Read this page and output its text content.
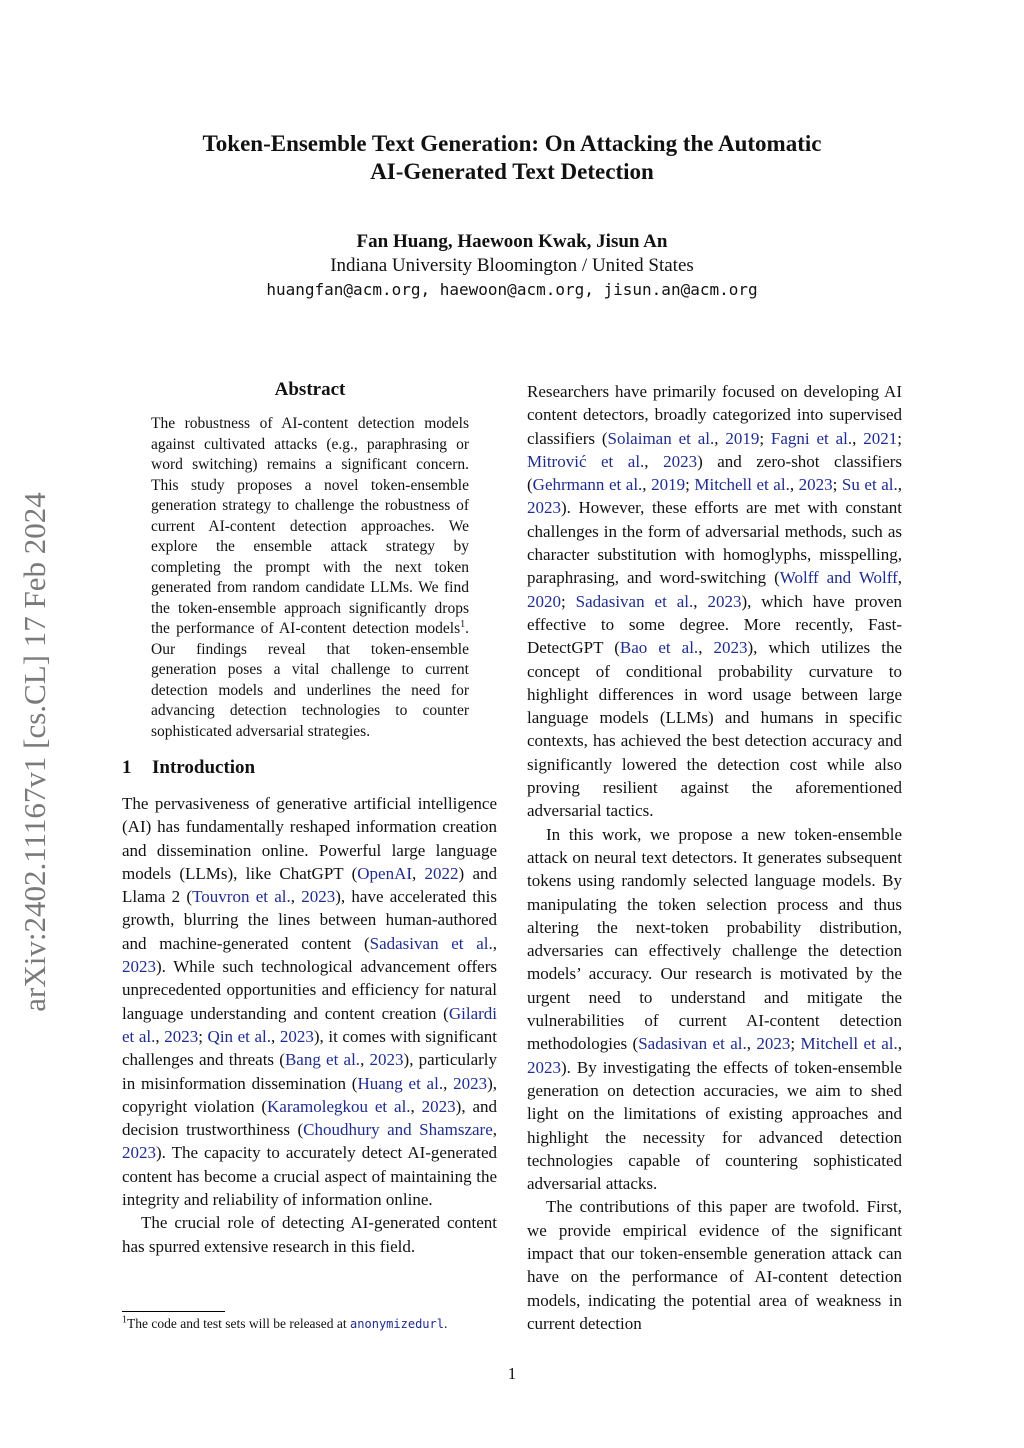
Token-Ensemble Text Generation: On Attacking the Automatic
AI-Generated Text Detection
Fan Huang, Haewoon Kwak, Jisun An
Indiana University Bloomington / United States
huangfan@acm.org, haewoon@acm.org, jisun.an@acm.org
arXiv:2402.11167v1 [cs.CL] 17 Feb 2024
Abstract
The robustness of AI-content detection models against cultivated attacks (e.g., paraphrasing or word switching) remains a significant concern. This study proposes a novel token-ensemble generation strategy to challenge the robustness of current AI-content detection approaches. We explore the ensemble attack strategy by completing the prompt with the next token generated from random candidate LLMs. We find the token-ensemble approach significantly drops the performance of AI-content detection models$^1$. Our findings reveal that token-ensemble generation poses a vital challenge to current detection models and underlines the need for advancing detection technologies to counter sophisticated adversarial strategies.
1 Introduction

The pervasiveness of generative artificial intelligence (AI) has fundamentally reshaped information creation and dissemination online. Powerful large language models (LLMs), like ChatGPT (OpenAI, 2022) and Llama 2 (Touvron et al., 2023), have accelerated this growth, blurring the lines between human-authored and machine-generated content (Sadasivan et al., 2023). While such technological advancement offers unprecedented opportunities and efficiency for natural language understanding and content creation (Gilardi et al., 2023; Qin et al., 2023), it comes with significant challenges and threats (Bang et al., 2023), particularly in misinformation dissemination (Huang et al., 2023), copyright violation (Karamolegkou et al., 2023), and decision trustworthiness (Choudhury and Shamszare, 2023). The capacity to accurately detect AI-generated content has become a crucial aspect of maintaining the integrity and reliability of information online.

The crucial role of detecting AI-generated content has spurred extensive research in this field.

Researchers have primarily focused on developing AI content detectors, broadly categorized into supervised classifiers (Solaiman et al., 2019; Fagni et al., 2021; Mitrović et al., 2023) and zero-shot classifiers (Gehrmann et al., 2019; Mitchell et al., 2023; Su et al., 2023). However, these efforts are met with constant challenges in the form of adversarial methods, such as character substitution with homoglyphs, misspelling, paraphrasing, and word-switching (Wolff and Wolff, 2020; Sadasivan et al., 2023), which have proven effective to some degree. More recently, Fast-DetectGPT (Bao et al., 2023), which utilizes the concept of conditional probability curvature to highlight differences in word usage between large language models (LLMs) and humans in specific contexts, has achieved the best detection accuracy and significantly lowered the detection cost while also proving resilient against the aforementioned adversarial tactics.

In this work, we propose a new token-ensemble attack on neural text detectors. It generates subsequent tokens using randomly selected language models. By manipulating the token selection process and thus altering the next-token probability distribution, adversaries can effectively challenge the detection models’ accuracy. Our research is motivated by the urgent need to understand and mitigate the vulnerabilities of current AI-content detection methodologies (Sadasivan et al., 2023; Mitchell et al., 2023). By investigating the effects of token-ensemble generation on detection accuracies, we aim to shed light on the limitations of existing approaches and highlight the necessity for advanced detection technologies capable of countering sophisticated adversarial attacks.

The contributions of this paper are twofold. First, we provide empirical evidence of the significant impact that our token-ensemble generation attack can have on the performance of AI-content detection models, indicating the potential area of weakness in current detection

$^1$The code and test sets will be released at anonymizedurl.
1
